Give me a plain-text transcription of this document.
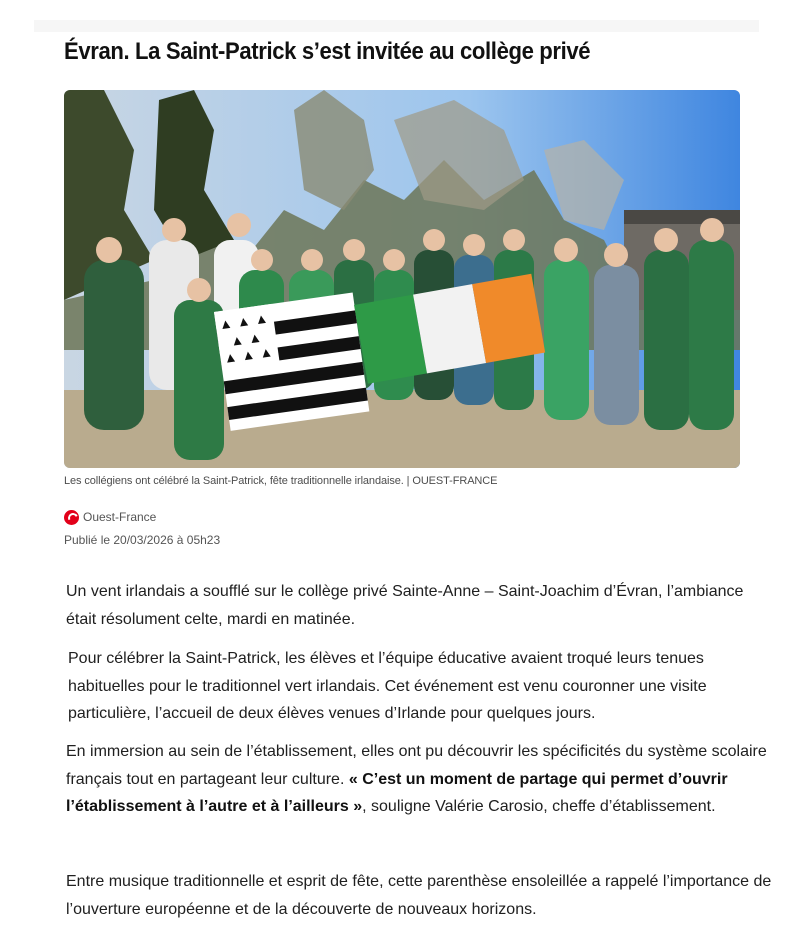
Évran. La Saint-Patrick s’est invitée au collège privé
Les collégiens ont célébré la Saint-Patrick, fête traditionnelle irlandaise. | OUEST-FRANCE
Ouest-France
Publié le 20/03/2026 à 05h23

Un vent irlandais a soufflé sur le collège privé Sainte-Anne – Saint-Joachim d’Évran, l’ambiance était résolument celte, mardi en matinée.

Pour célébrer la Saint-Patrick, les élèves et l’équipe éducative avaient troqué leurs tenues habituelles pour le traditionnel vert irlandais. Cet événement est venu couronner une visite particulière, l’accueil de deux élèves venues d’Irlande pour quelques jours.

En immersion au sein de l’établissement, elles ont pu découvrir les spécificités du système scolaire français tout en partageant leur culture. « C’est un moment de partage qui permet d’ouvrir l’établissement à l’autre et à l’ailleurs », souligne Valérie Carosio, cheffe d’établissement.

Entre musique traditionnelle et esprit de fête, cette parenthèse ensoleillée a rappelé l’importance de l’ouverture européenne et de la découverte de nouveaux horizons.
